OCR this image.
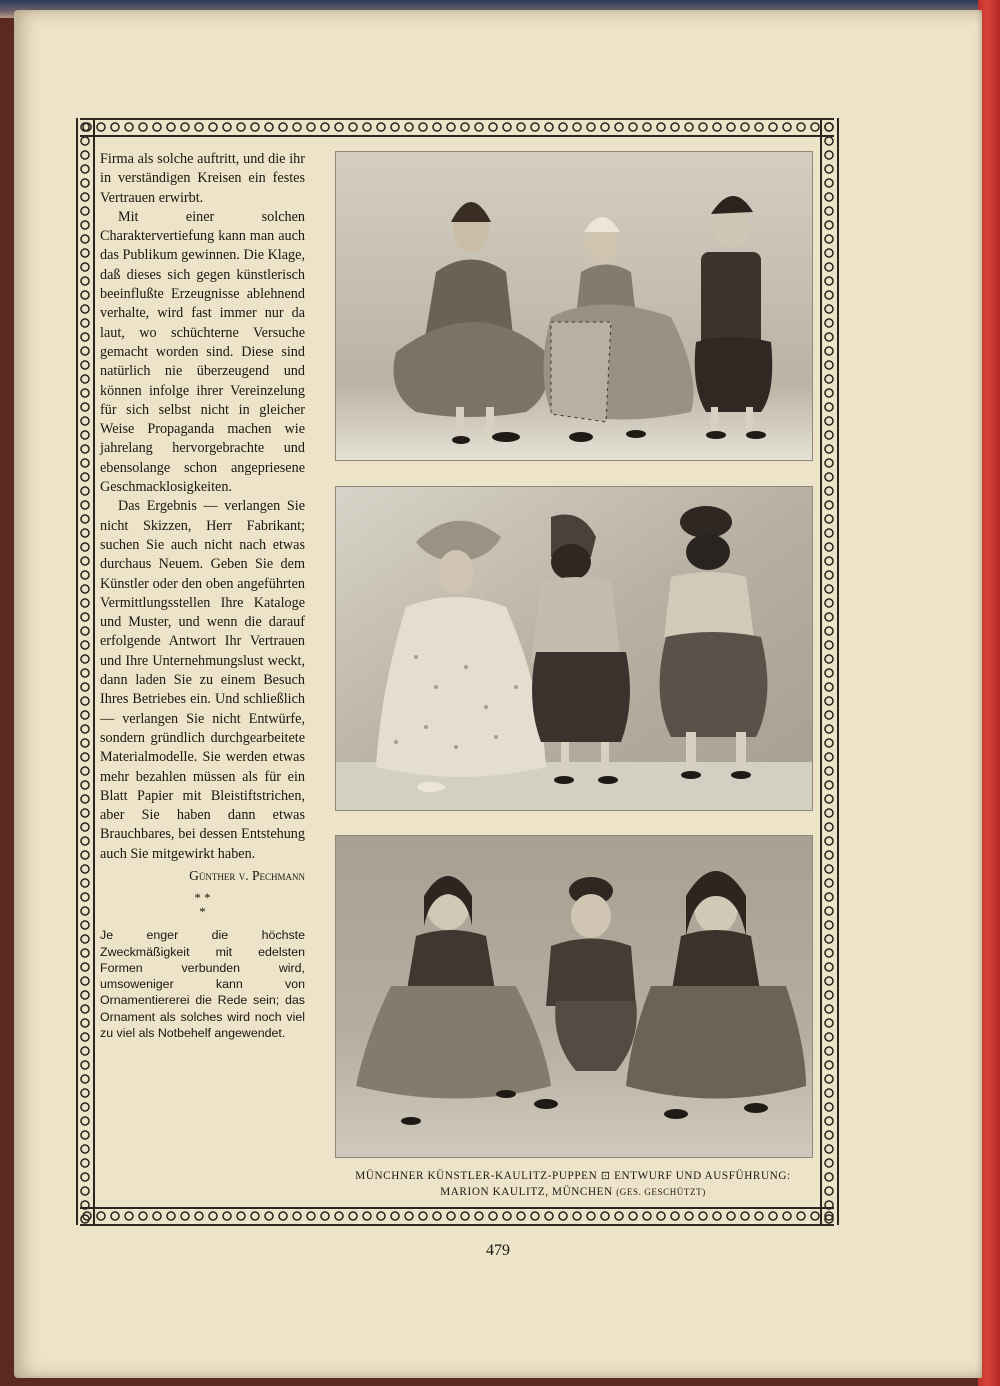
Firma als solche auftritt, und die ihr in verständigen Kreisen ein festes Vertrauen erwirbt.

Mit einer solchen Charaktervertiefung kann man auch das Publikum gewinnen. Die Klage, daß dieses sich gegen künstlerisch beeinflußte Erzeugnisse ablehnend verhalte, wird fast immer nur da laut, wo schüchterne Versuche gemacht worden sind. Diese sind natürlich nie überzeugend und können infolge ihrer Vereinzelung für sich selbst nicht in gleicher Weise Propaganda machen wie jahrelang hervorgebrachte und ebensolange schon angepriesene Geschmacklosigkeiten.

Das Ergebnis — verlangen Sie nicht Skizzen, Herr Fabrikant; suchen Sie auch nicht nach etwas durchaus Neuem. Geben Sie dem Künstler oder den oben angeführten Vermittlungsstellen Ihre Kataloge und Muster, und wenn die darauf erfolgende Antwort Ihr Vertrauen und Ihre Unternehmungslust weckt, dann laden Sie zu einem Besuch Ihres Betriebes ein. Und schließlich — verlangen Sie nicht Entwürfe, sondern gründlich durchgearbeitete Materialmodelle. Sie werden etwas mehr bezahlen müssen als für ein Blatt Papier mit Bleistiftstrichen, aber Sie haben dann etwas Brauchbares, bei dessen Entstehung auch Sie mitgewirkt haben.

Günther v. Pechmann
* *
*
Je enger die höchste Zweckmäßigkeit mit edelsten Formen verbunden wird, umsoweniger kann von Ornamentiererei die Rede sein; das Ornament als solches wird noch viel zu viel als Notbehelf angewendet.
MÜNCHNER KÜNSTLER-KAULITZ-PUPPEN ⊡ ENTWURF UND AUSFÜHRUNG:
MARION KAULITZ, MÜNCHEN (GES. GESCHÜTZT)
479
